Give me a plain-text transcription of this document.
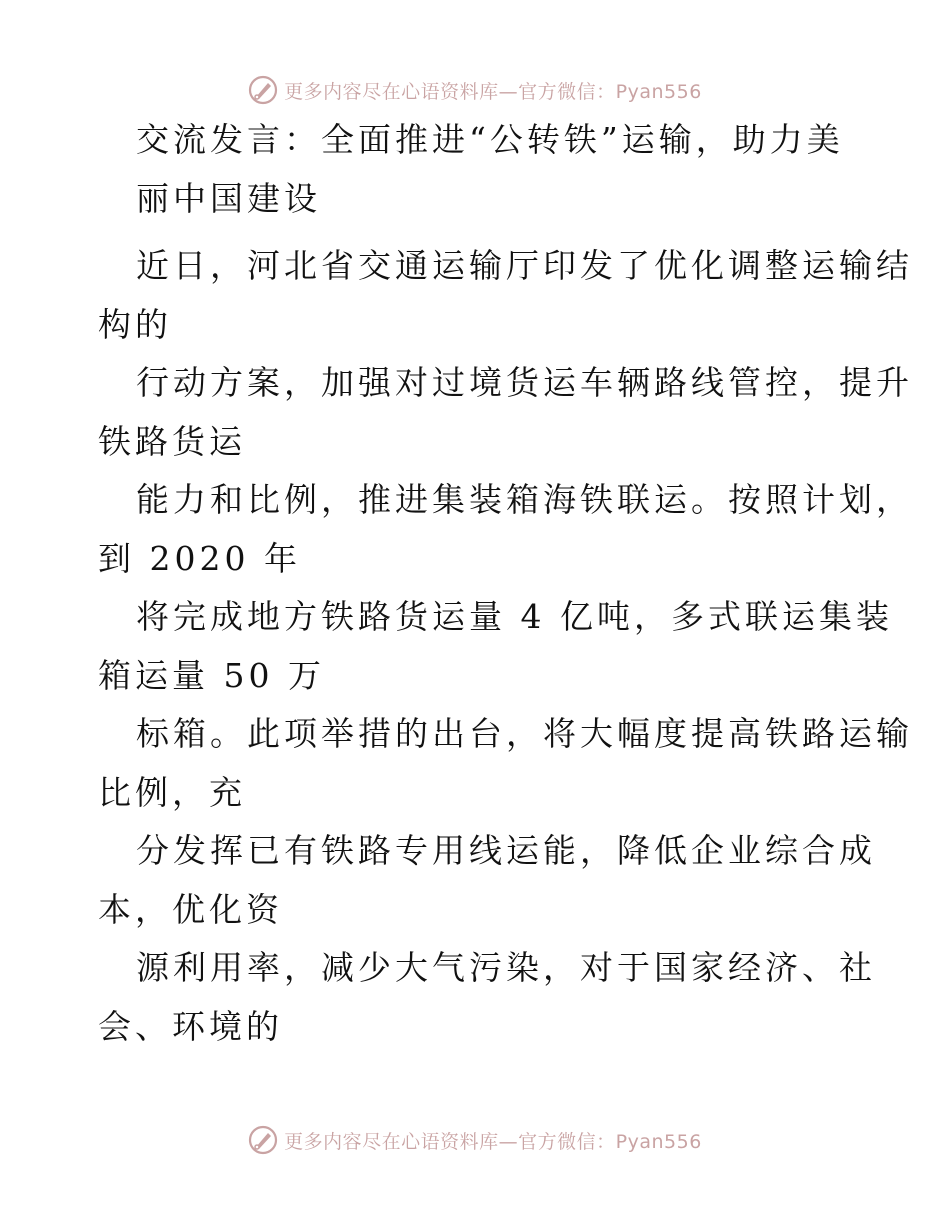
更多内容尽在心语资料库—官方微信：Pyan556
交流发言：全面推进“公转铁”运输，助力美
丽中国建设
近日，河北省交通运输厅印发了优化调整运输结
构的
行动方案，加强对过境货运车辆路线管控，提升
铁路货运
能力和比例，推进集装箱海铁联运。按照计划，
到 2020 年
将完成地方铁路货运量 4 亿吨，多式联运集装
箱运量 50 万
标箱。此项举措的出台，将大幅度提高铁路运输
比例，充
分发挥已有铁路专用线运能，降低企业综合成
本，优化资
源利用率，减少大气污染，对于国家经济、社
会、环境的
更多内容尽在心语资料库—官方微信：Pyan556
